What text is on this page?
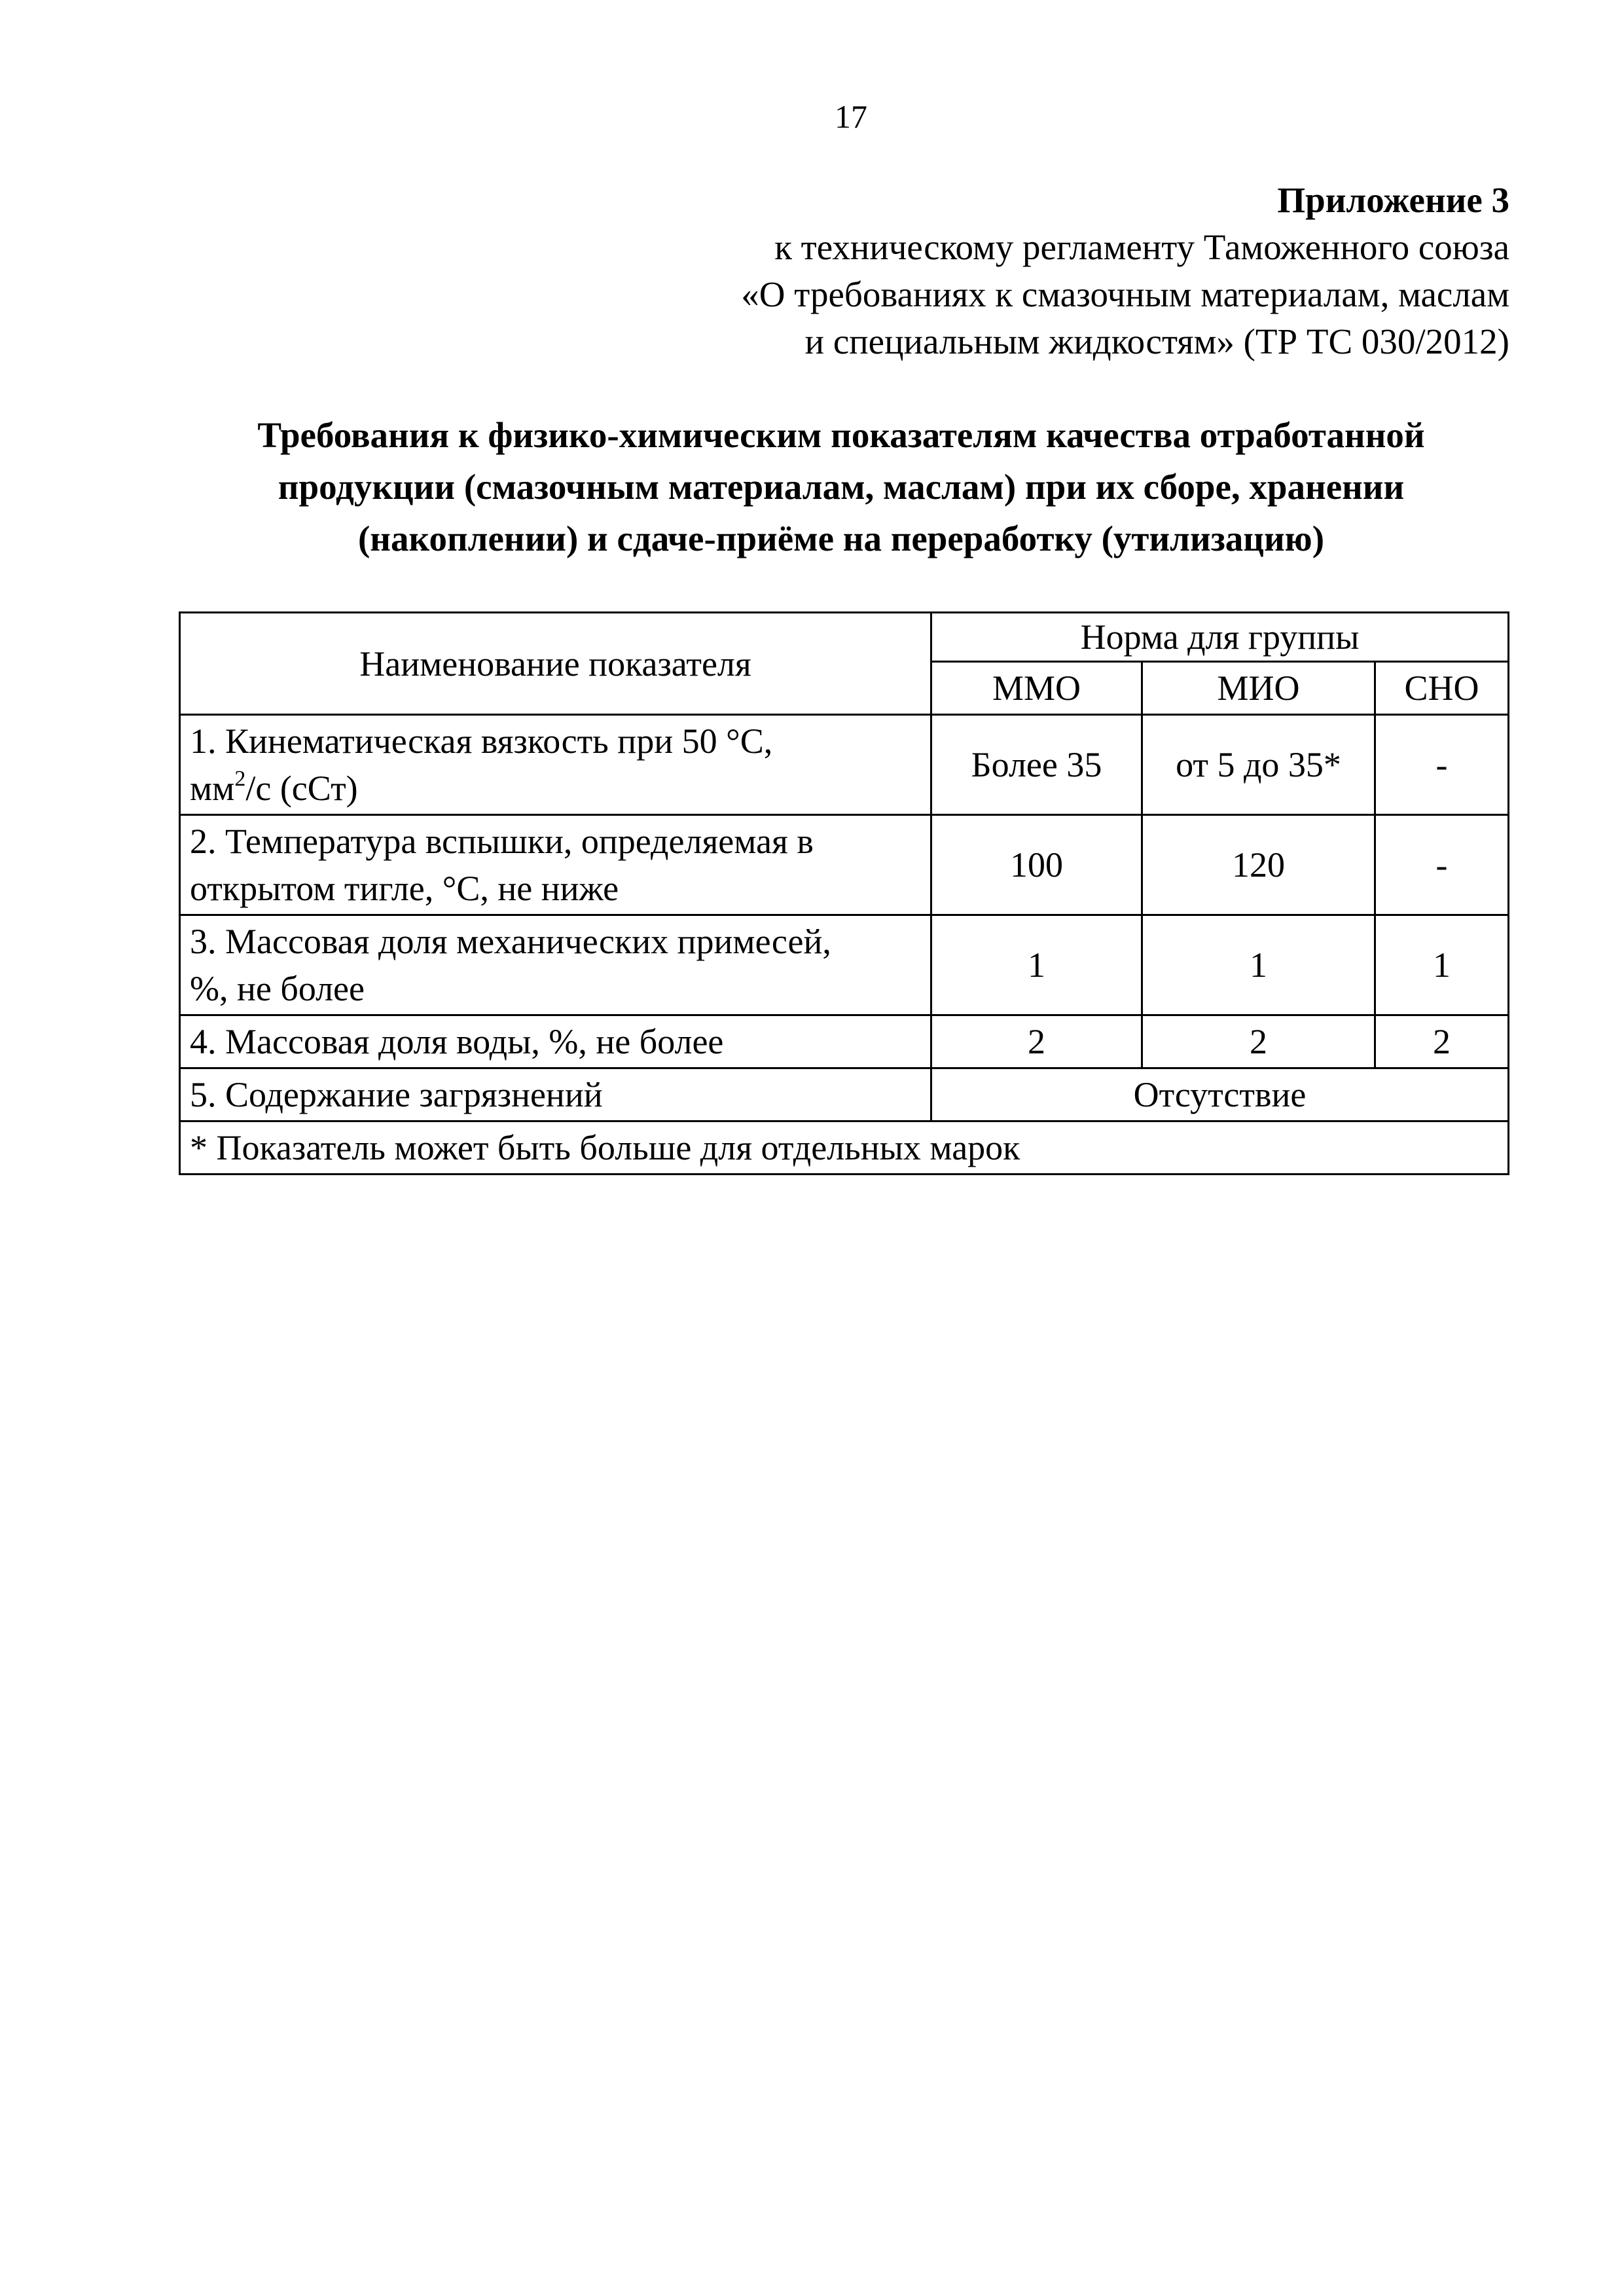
17
Приложение 3
к техническому регламенту Таможенного союза
«О требованиях к смазочным материалам, маслам
и специальным жидкостям» (ТР ТС 030/2012)
Требования к физико-химическим показателям качества отработанной
продукции (смазочным материалам, маслам) при их сборе, хранении
(накоплении) и сдаче-приёме на переработку (утилизацию)
Наименование показателя	Норма для группы		
	ММО	МИО	СНО

1. Кинематическая вязкость при 50 °С,
$мм^2/с$ (сСт)	Более 35	от 5 до 35*	-

2. Температура вспышки, определяемая в
открытом тигле, °С, не ниже	100	120	-

3. Массовая доля механических примесей,
%, не более	1	1	1
4. Массовая доля воды, %, не более	2	2	2
5. Содержание загрязнений	Отсутствие		
* Показатель может быть больше для отдельных марок			
